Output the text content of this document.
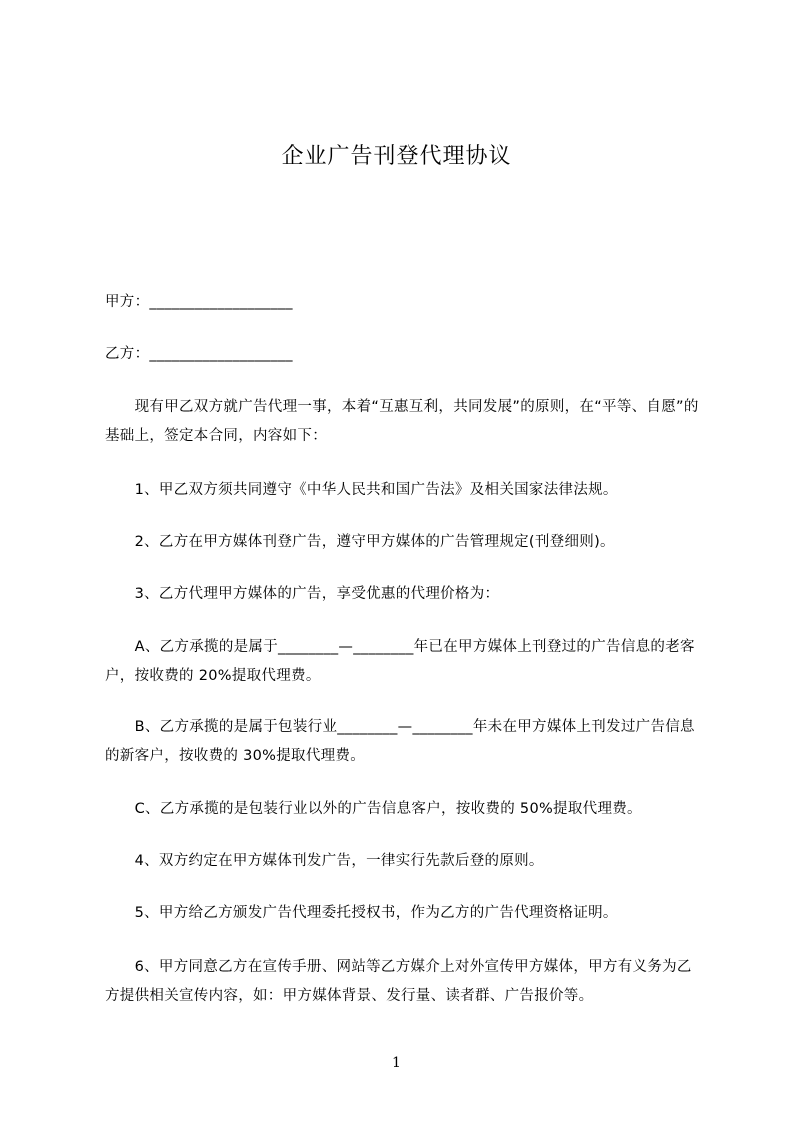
企业广告刊登代理协议
甲方：___________________
乙方：___________________
　　现有甲乙双方就广告代理一事，本着“互惠互利，共同发展”的原则，在“平等、自愿”的基础上，签定本合同，内容如下：
　　1、甲乙双方须共同遵守《中华人民共和国广告法》及相关国家法律法规。
　　2、乙方在甲方媒体刊登广告，遵守甲方媒体的广告管理规定(刊登细则)。
　　3、乙方代理甲方媒体的广告，享受优惠的代理价格为：
　　A、乙方承揽的是属于________—________年已在甲方媒体上刊登过的广告信息的老客户，按收费的 20%提取代理费。
　　B、乙方承揽的是属于包装行业________—________年未在甲方媒体上刊发过广告信息的新客户，按收费的 30%提取代理费。
　　C、乙方承揽的是包装行业以外的广告信息客户，按收费的 50%提取代理费。
　　4、双方约定在甲方媒体刊发广告，一律实行先款后登的原则。
　　5、甲方给乙方颁发广告代理委托授权书，作为乙方的广告代理资格证明。
　　6、甲方同意乙方在宣传手册、网站等乙方媒介上对外宣传甲方媒体，甲方有义务为乙方提供相关宣传内容，如：甲方媒体背景、发行量、读者群、广告报价等。
1
